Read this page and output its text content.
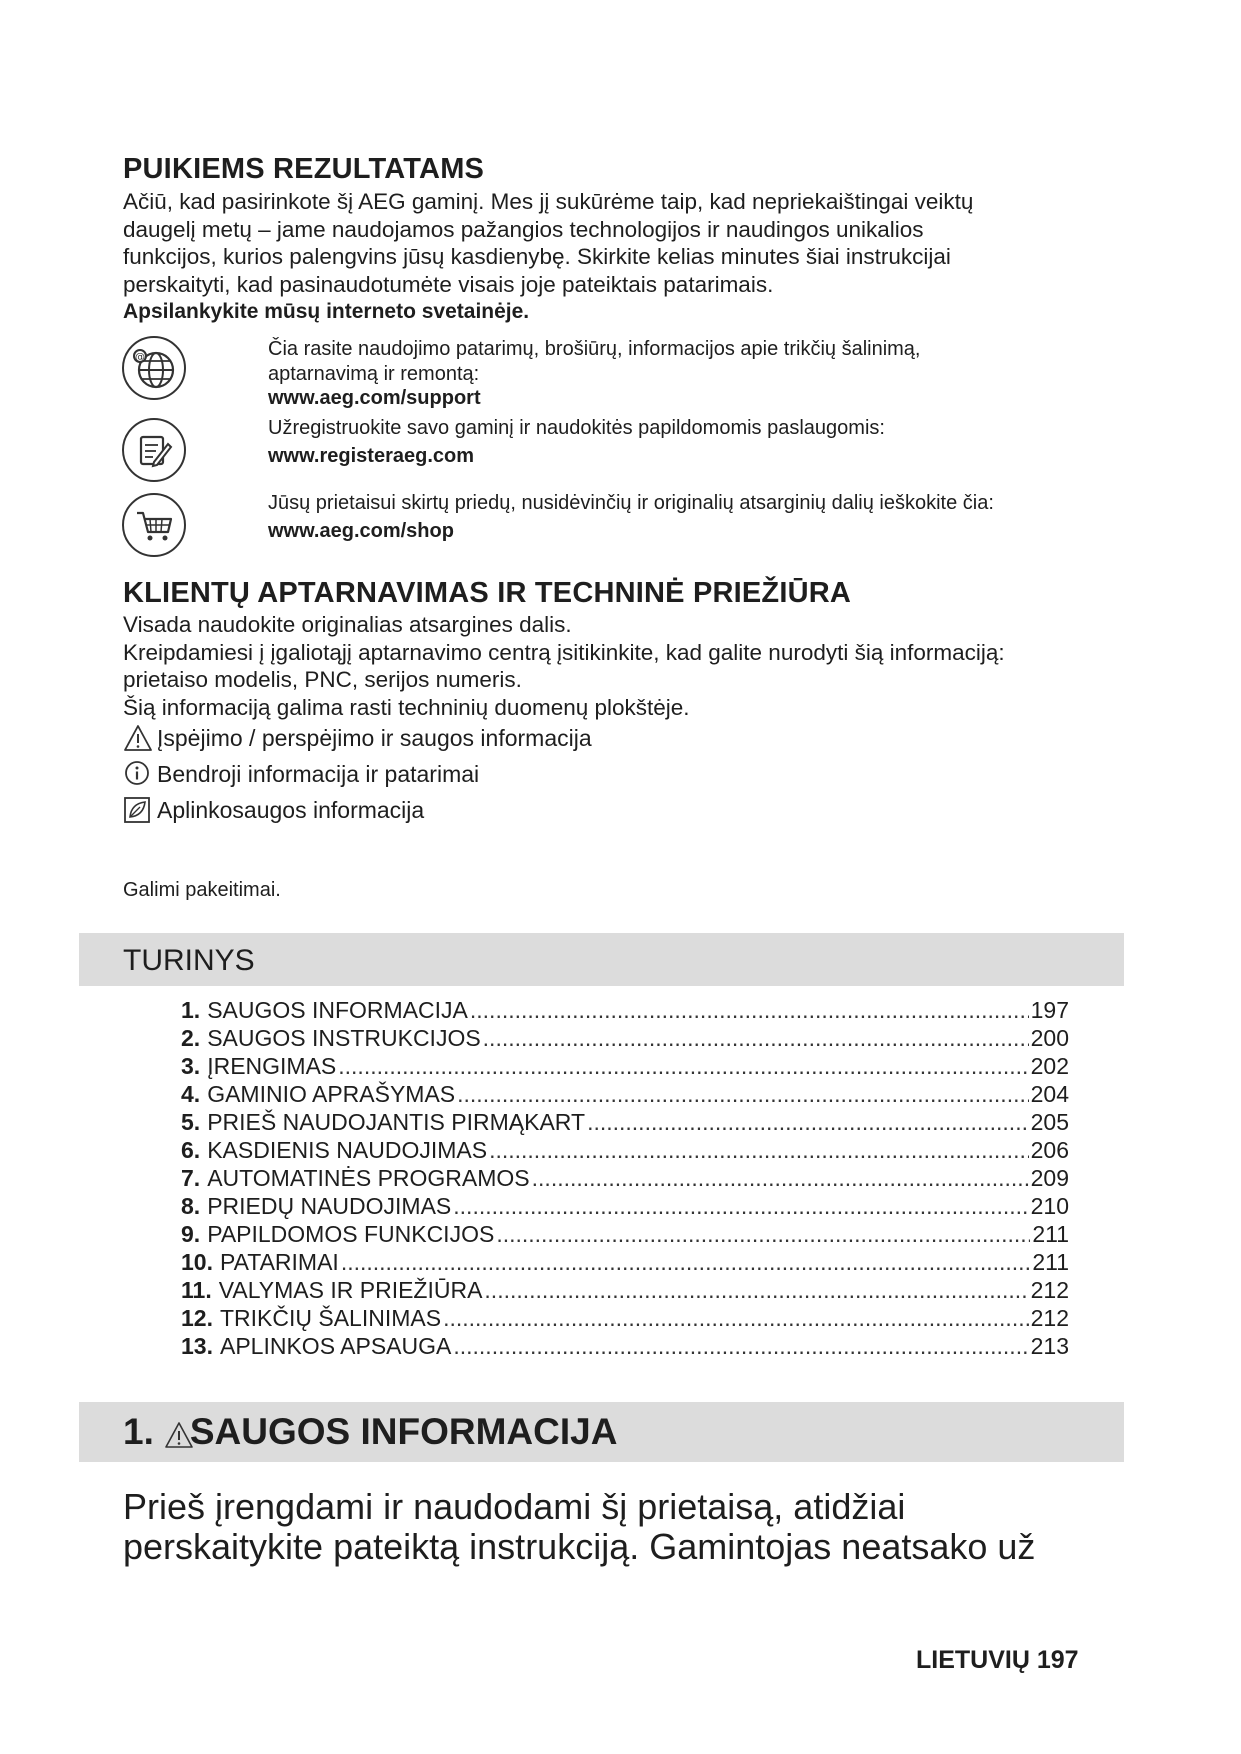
PUIKIEMS REZULTATAMS
Ačiū, kad pasirinkote šį AEG gaminį. Mes jį sukūrėme taip, kad nepriekaištingai veiktų
daugelį metų – jame naudojamos pažangios technologijos ir naudingos unikalios
funkcijos, kurios palengvins jūsų kasdienybę. Skirkite kelias minutes šiai instrukcijai
perskaityti, kad pasinaudotumėte visais joje pateiktais patarimais.
Apsilankykite mūsų interneto svetainėje.
@	Čia rasite naudojimo patarimų, brošiūrų, informacijos apie trikčių šalinimą,
aptarnavimą ir remontą:
www.aeg.com/support
Užregistruokite savo gaminį ir naudokitės papildomomis paslaugomis:
www.registeraeg.com
Jūsų prietaisui skirtų priedų, nusidėvinčių ir originalių atsarginių dalių ieškokite čia:
www.aeg.com/shop
KLIENTŲ APTARNAVIMAS IR TECHNINĖ PRIEŽIŪRA
Visada naudokite originalias atsargines dalis.
Kreipdamiesi į įgaliotąjį aptarnavimo centrą įsitikinkite, kad galite nurodyti šią informaciją:
prietaiso modelis, PNC, serijos numeris.
Šią informaciją galima rasti techninių duomenų plokštėje.
Įspėjimo / perspėjimo ir saugos informacija
Bendroji informacija ir patarimai
Aplinkosaugos informacija
Galimi pakeitimai.
TURINYS
1. SAUGOS INFORMACIJA .....	197
2. SAUGOS INSTRUKCIJOS .....	200
3. ĮRENGIMAS .....	202
4. GAMINIO APRAŠYMAS .....	204
5. PRIEŠ NAUDOJANTIS PIRMĄKART .....	205
6. KASDIENIS NAUDOJIMAS .....	206
7. AUTOMATINĖS PROGRAMOS .....	209
8. PRIEDŲ NAUDOJIMAS .....	210
9. PAPILDOMOS FUNKCIJOS .....	211
10. PATARIMAI .....	211
11. VALYMAS IR PRIEŽIŪRA .....	212
12. TRIKČIŲ ŠALINIMAS .....	212
13. APLINKOS APSAUGA .....	213
1. SAUGOS INFORMACIJA
Prieš įrengdami ir naudodami šį prietaisą, atidžiai
perskaitykite pateiktą instrukciją. Gamintojas neatsako už
LIETUVIŲ 197
